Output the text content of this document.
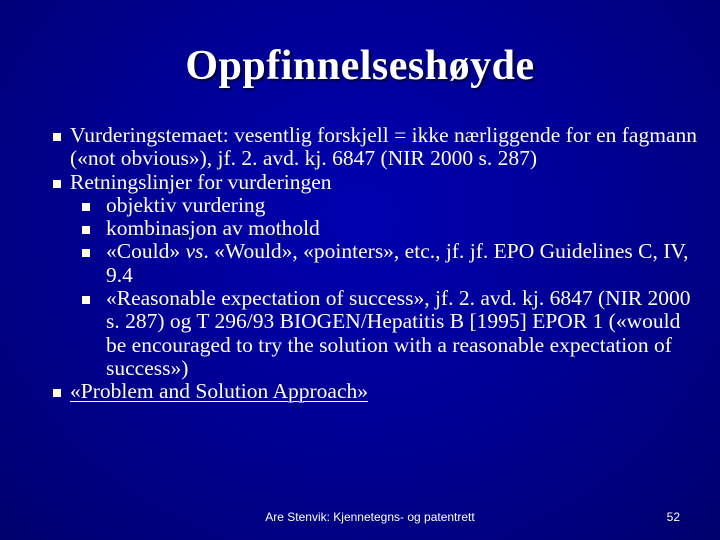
Oppfinnelseshøyde
Vurderingstemaet: vesentlig forskjell = ikke nærliggende for en fagmann («not obvious»), jf. 2. avd. kj. 6847 (NIR 2000 s. 287)
Retningslinjer for vurderingen
objektiv vurdering
kombinasjon av mothold
«Could» vs. «Would», «pointers», etc., jf. jf. EPO Guidelines C, IV, 9.4
«Reasonable expectation of success», jf. 2. avd. kj. 6847 (NIR 2000 s. 287) og T 296/93 BIOGEN/Hepatitis B [1995] EPOR 1 («would be encouraged to try the solution with a reasonable expectation of success»)
«Problem and Solution Approach»
Are Stenvik: Kjennetegns- og patentrett	52
